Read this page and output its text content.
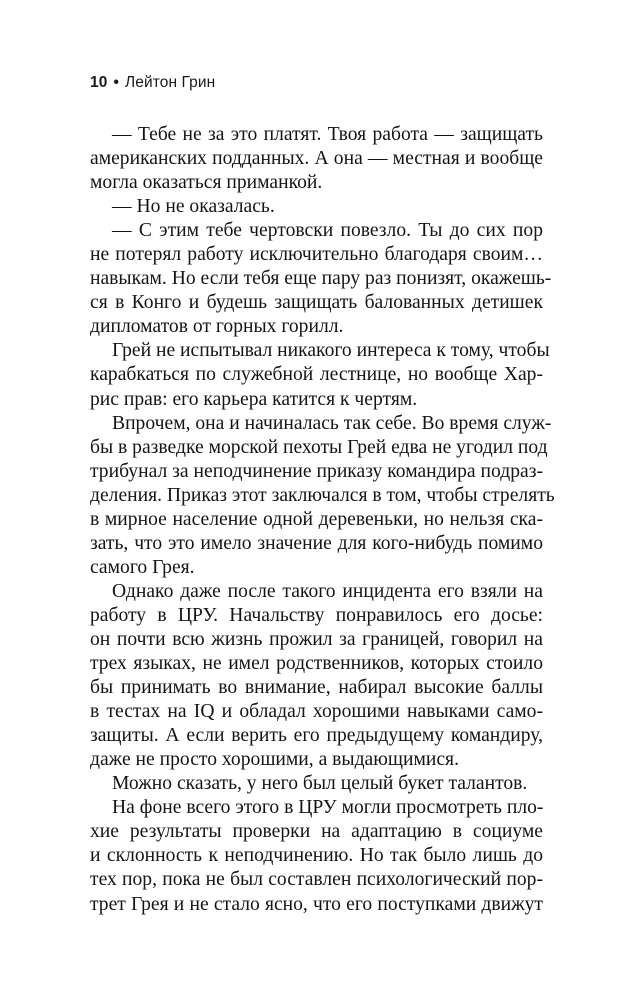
10 • Лейтон Грин
— Тебе не за это платят. Твоя работа — защищать
американских подданных. А она — местная и вообще
могла оказаться приманкой.
— Но не оказалась.
— С этим тебе чертовски повезло. Ты до сих пор
не потерял работу исключительно благодаря своим…
навыкам. Но если тебя еще пару раз понизят, окажешь-
ся в Конго и будешь защищать балованных детишек
дипломатов от горных горилл.
Грей не испытывал никакого интереса к тому, чтобы
карабкаться по служебной лестнице, но вообще Хар-
рис прав: его карьера катится к чертям.
Впрочем, она и начиналась так себе. Во время служ-
бы в разведке морской пехоты Грей едва не угодил под
трибунал за неподчинение приказу командира подраз-
деления. Приказ этот заключался в том, чтобы стрелять
в мирное население одной деревеньки, но нельзя ска-
зать, что это имело значение для кого-нибудь помимо
самого Грея.
Однако даже после такого инцидента его взяли на
работу в ЦРУ. Начальству понравилось его досье:
он почти всю жизнь прожил за границей, говорил на
трех языках, не имел родственников, которых стоило
бы принимать во внимание, набирал высокие баллы
в тестах на IQ и обладал хорошими навыками само-
защиты. А если верить его предыдущему командиру,
даже не просто хорошими, а выдающимися.
Можно сказать, у него был целый букет талантов.
На фоне всего этого в ЦРУ могли просмотреть пло-
хие результаты проверки на адаптацию в социуме
и склонность к неподчинению. Но так было лишь до
тех пор, пока не был составлен психологический пор-
трет Грея и не стало ясно, что его поступками движут
